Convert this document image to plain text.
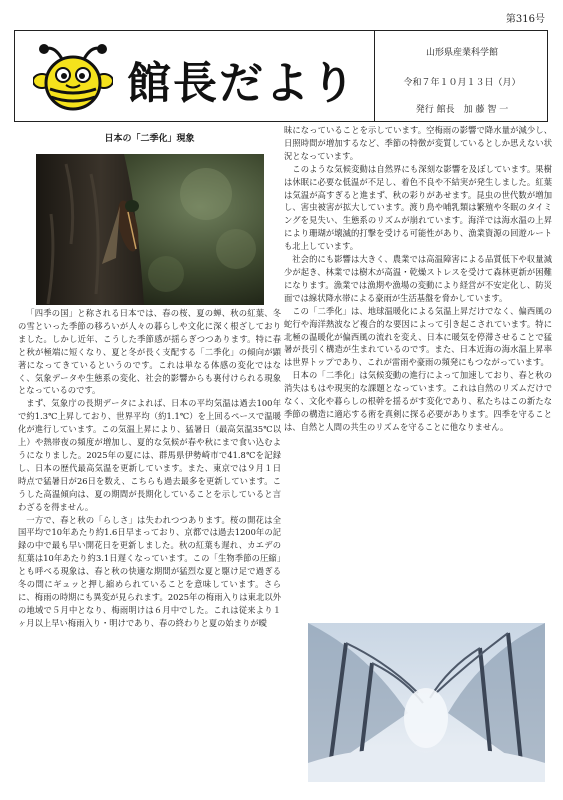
第316号
館長だより
山形県産業科学館
令和７年１０月１３日（月）
発行 館長　加 藤 智 一
日本の「二季化」現象

「四季の国」と称される日本では、春の桜、夏の蝉、秋の紅葉、冬の雪といった季節の移ろいが人々の暮らしや文化に深く根ざしておりました。しかし近年、こうした季節感が揺らぎつつあります。特に春と秋が極端に短くなり、夏と冬が長く支配する「二季化」の傾向が顕著になってきているというのです。これは単なる体感の変化ではなく、気象データや生態系の変化、社会的影響からも裏付けられる現象となっているのです。

まず、気象庁の長期データによれば、日本の平均気温は過去100年で約1.3℃上昇しており、世界平均（約1.1℃）を上回るペースで温暖化が進行しています。この気温上昇により、猛暑日（最高気温35℃以上）や熱帯夜の頻度が増加し、夏的な気候が春や秋にまで食い込むようになりました。2025年の夏には、群馬県伊勢崎市で41.8℃を記録し、日本の歴代最高気温を更新しています。また、東京では９月１日時点で猛暑日が26日を数え、こちらも過去最多を更新しています。こうした高温傾向は、夏の期間が長期化していることを示していると言わざるを得ません。

一方で、春と秋の「らしさ」は失われつつあります。桜の開花は全国平均で10年あたり約1.6日早まっており、京都では過去1200年の記録の中で最も早い開花日を更新しました。秋の紅葉も遅れ、カエデの紅葉は10年あたり約3.1日遅くなっています。この「生物季節の圧縮」とも呼べる現象は、春と秋の快適な期間が猛烈な夏と駆け足で過ぎる冬の間にギュッと押し縮められていることを意味しています。さらに、梅雨の時期にも異変が見られます。2025年の梅雨入りは東北以外の地域で５月中となり、梅雨明けは６月中でした。これは従来より１ヶ月以上早い梅雨入り・明けであり、春の終わりと夏の始まりが曖

昧になっていることを示しています。空梅雨の影響で降水量が減少し、日照時間が増加するなど、季節の特徴が変質しているとしか思えない状況となっています。

このような気候変動は自然界にも深刻な影響を及ぼしています。果樹は休眠に必要な低温が不足し、着色不良や不結実が発生しました。紅葉は気温が高すぎると進まず、秋の彩りがあせます。昆虫の世代数が増加し、害虫被害が拡大しています。渡り鳥や哺乳類は繁殖や冬眠のタイミングを見失い、生態系のリズムが崩れています。海洋では海水温の上昇により珊瑚が壊滅的打撃を受ける可能性があり、漁業資源の回遊ルートも北上しています。

社会的にも影響は大きく、農業では高温障害による品質低下や収量減少が起き、林業では樹木が高温・乾燥ストレスを受けて森林更新が困難になります。漁業では漁期や漁場の変動により経営が不安定化し、防災面では線状降水帯による豪雨が生活基盤を脅かしています。

この「二季化」は、地球温暖化による気温上昇だけでなく、偏西風の蛇行や海洋熱波など複合的な要因によって引き起こされています。特に北極の温暖化が偏西風の流れを変え、日本に暖気を停滞させることで猛暑が長引く構造が生まれているのです。また、日本近海の海水温上昇率は世界トップであり、これが雷雨や豪雨の頻発にもつながっています。

日本の「二季化」は気候変動の進行によって加速しており、春と秋の消失はもはや現実的な課題となっています。これは自然のリズムだけでなく、文化や暮らしの根幹を揺るがす変化であり、私たちはこの新たな季節の構造に適応する術を真剣に探る必要があります。四季を守ることは、自然と人間の共生のリズムを守ることに他なりません。
